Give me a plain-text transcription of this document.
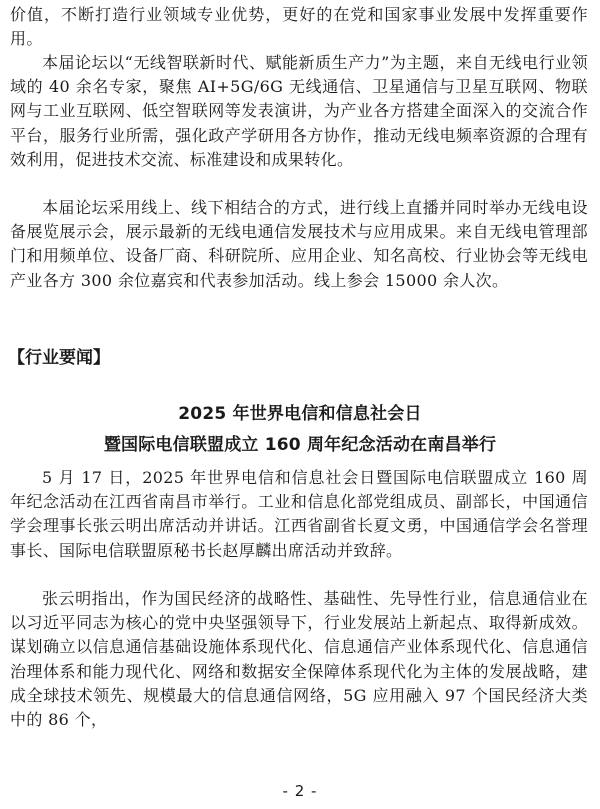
价值，不断打造行业领域专业优势，更好的在党和国家事业发展中发挥重要作用。

本届论坛以“无线智联新时代、赋能新质生产力”为主题，来自无线电行业领域的 40 余名专家，聚焦 AI+5G/6G 无线通信、卫星通信与卫星互联网、物联网与工业互联网、低空智联网等发表演讲，为产业各方搭建全面深入的交流合作平台，服务行业所需，强化政产学研用各方协作，推动无线电频率资源的合理有效利用，促进技术交流、标准建设和成果转化。

本届论坛采用线上、线下相结合的方式，进行线上直播并同时举办无线电设备展览展示会，展示最新的无线电通信发展技术与应用成果。来自无线电管理部门和用频单位、设备厂商、科研院所、应用企业、知名高校、行业协会等无线电产业各方 300 余位嘉宾和代表参加活动。线上参会 15000 余人次。

【行业要闻】

2025 年世界电信和信息社会日

暨国际电信联盟成立 160 周年纪念活动在南昌举行

5 月 17 日，2025 年世界电信和信息社会日暨国际电信联盟成立 160 周年纪念活动在江西省南昌市举行。工业和信息化部党组成员、副部长，中国通信学会理事长张云明出席活动并讲话。江西省副省长夏文勇，中国通信学会名誉理事长、国际电信联盟原秘书长赵厚麟出席活动并致辞。

张云明指出，作为国民经济的战略性、基础性、先导性行业，信息通信业在以习近平同志为核心的党中央坚强领导下，行业发展站上新起点、取得新成效。谋划确立以信息通信基础设施体系现代化、信息通信产业体系现代化、信息通信治理体系和能力现代化、网络和数据安全保障体系现代化为主体的发展战略，建成全球技术领先、规模最大的信息通信网络，5G 应用融入 97 个国民经济大类中的 86 个，

- 2 -
